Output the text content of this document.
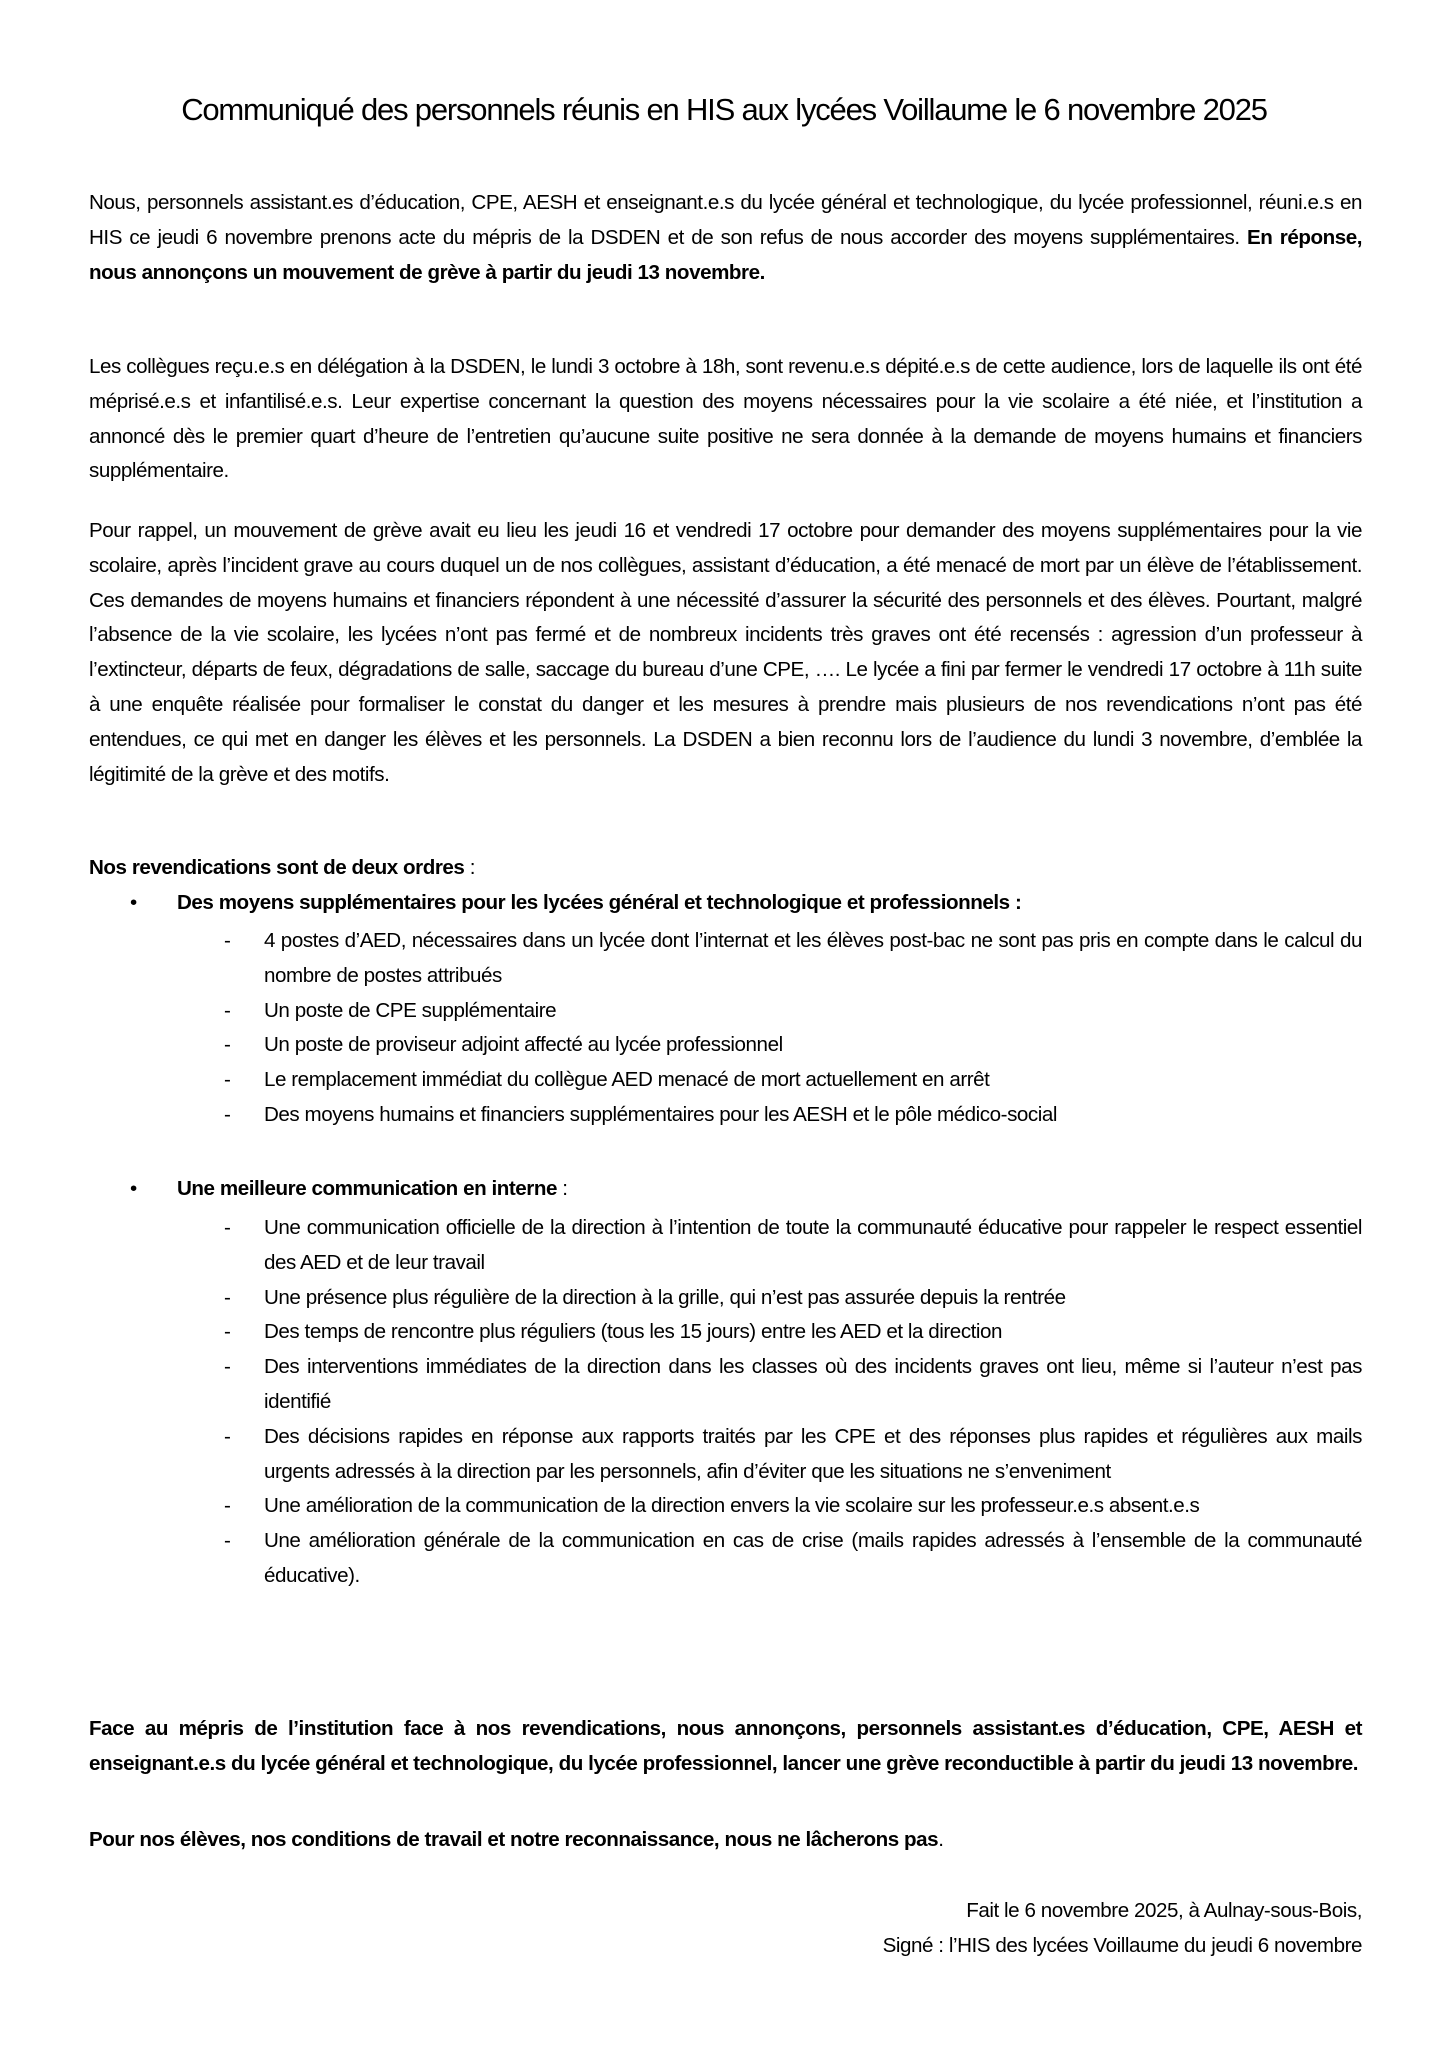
Communiqué des personnels réunis en HIS aux lycées Voillaume le 6 novembre 2025

Nous, personnels assistant.es d’éducation, CPE, AESH et enseignant.e.s du lycée général et technologique, du lycée professionnel, réuni.e.s en HIS ce jeudi 6 novembre prenons acte du mépris de la DSDEN et de son refus de nous accorder des moyens supplémentaires. En réponse, nous annonçons un mouvement de grève à partir du jeudi 13 novembre.

Les collègues reçu.e.s en délégation à la DSDEN, le lundi 3 octobre à 18h, sont revenu.e.s dépité.e.s de cette audience, lors de laquelle ils ont été méprisé.e.s et infantilisé.e.s. Leur expertise concernant la question des moyens nécessaires pour la vie scolaire a été niée, et l’institution a annoncé dès le premier quart d’heure de l’entretien qu’aucune suite positive ne sera donnée à la demande de moyens humains et financiers supplémentaire.

Pour rappel, un mouvement de grève avait eu lieu les jeudi 16 et vendredi 17 octobre pour demander des moyens supplémentaires pour la vie scolaire, après l’incident grave au cours duquel un de nos collègues, assistant d’éducation, a été menacé de mort par un élève de l’établissement. Ces demandes de moyens humains et financiers répondent à une nécessité d’assurer la sécurité des personnels et des élèves. Pourtant, malgré l’absence de la vie scolaire, les lycées n’ont pas fermé et de nombreux incidents très graves ont été recensés : agression d’un professeur à l’extincteur, départs de feux, dégradations de salle, saccage du bureau d’une CPE, …. Le lycée a fini par fermer le vendredi 17 octobre à 11h suite à une enquête réalisée pour formaliser le constat du danger et les mesures à prendre mais plusieurs de nos revendications n’ont pas été entendues, ce qui met en danger les élèves et les personnels. La DSDEN a bien reconnu lors de l’audience du lundi 3 novembre, d’emblée la légitimité de la grève et des motifs.

Nos revendications sont de deux ordres :

• Des moyens supplémentaires pour les lycées général et technologique et professionnels :
- 4 postes d’AED, nécessaires dans un lycée dont l’internat et les élèves post-bac ne sont pas pris en compte dans le calcul du nombre de postes attribués
- Un poste de CPE supplémentaire
- Un poste de proviseur adjoint affecté au lycée professionnel
- Le remplacement immédiat du collègue AED menacé de mort actuellement en arrêt
- Des moyens humains et financiers supplémentaires pour les AESH et le pôle médico-social
• Une meilleure communication en interne :
- Une communication officielle de la direction à l’intention de toute la communauté éducative pour rappeler le respect essentiel des AED et de leur travail
- Une présence plus régulière de la direction à la grille, qui n’est pas assurée depuis la rentrée
- Des temps de rencontre plus réguliers (tous les 15 jours) entre les AED et la direction
- Des interventions immédiates de la direction dans les classes où des incidents graves ont lieu, même si l’auteur n’est pas identifié
- Des décisions rapides en réponse aux rapports traités par les CPE et des réponses plus rapides et régulières aux mails urgents adressés à la direction par les personnels, afin d’éviter que les situations ne s’enveniment
- Une amélioration de la communication de la direction envers la vie scolaire sur les professeur.e.s absent.e.s
- Une amélioration générale de la communication en cas de crise (mails rapides adressés à l’ensemble de la communauté éducative).

Face au mépris de l’institution face à nos revendications, nous annonçons, personnels assistant.es d’éducation, CPE, AESH et enseignant.e.s du lycée général et technologique, du lycée professionnel, lancer une grève reconductible à partir du jeudi 13 novembre.

Pour nos élèves, nos conditions de travail et notre reconnaissance, nous ne lâcherons pas.

Fait le 6 novembre 2025, à Aulnay-sous-Bois,
Signé : l’HIS des lycées Voillaume du jeudi 6 novembre
